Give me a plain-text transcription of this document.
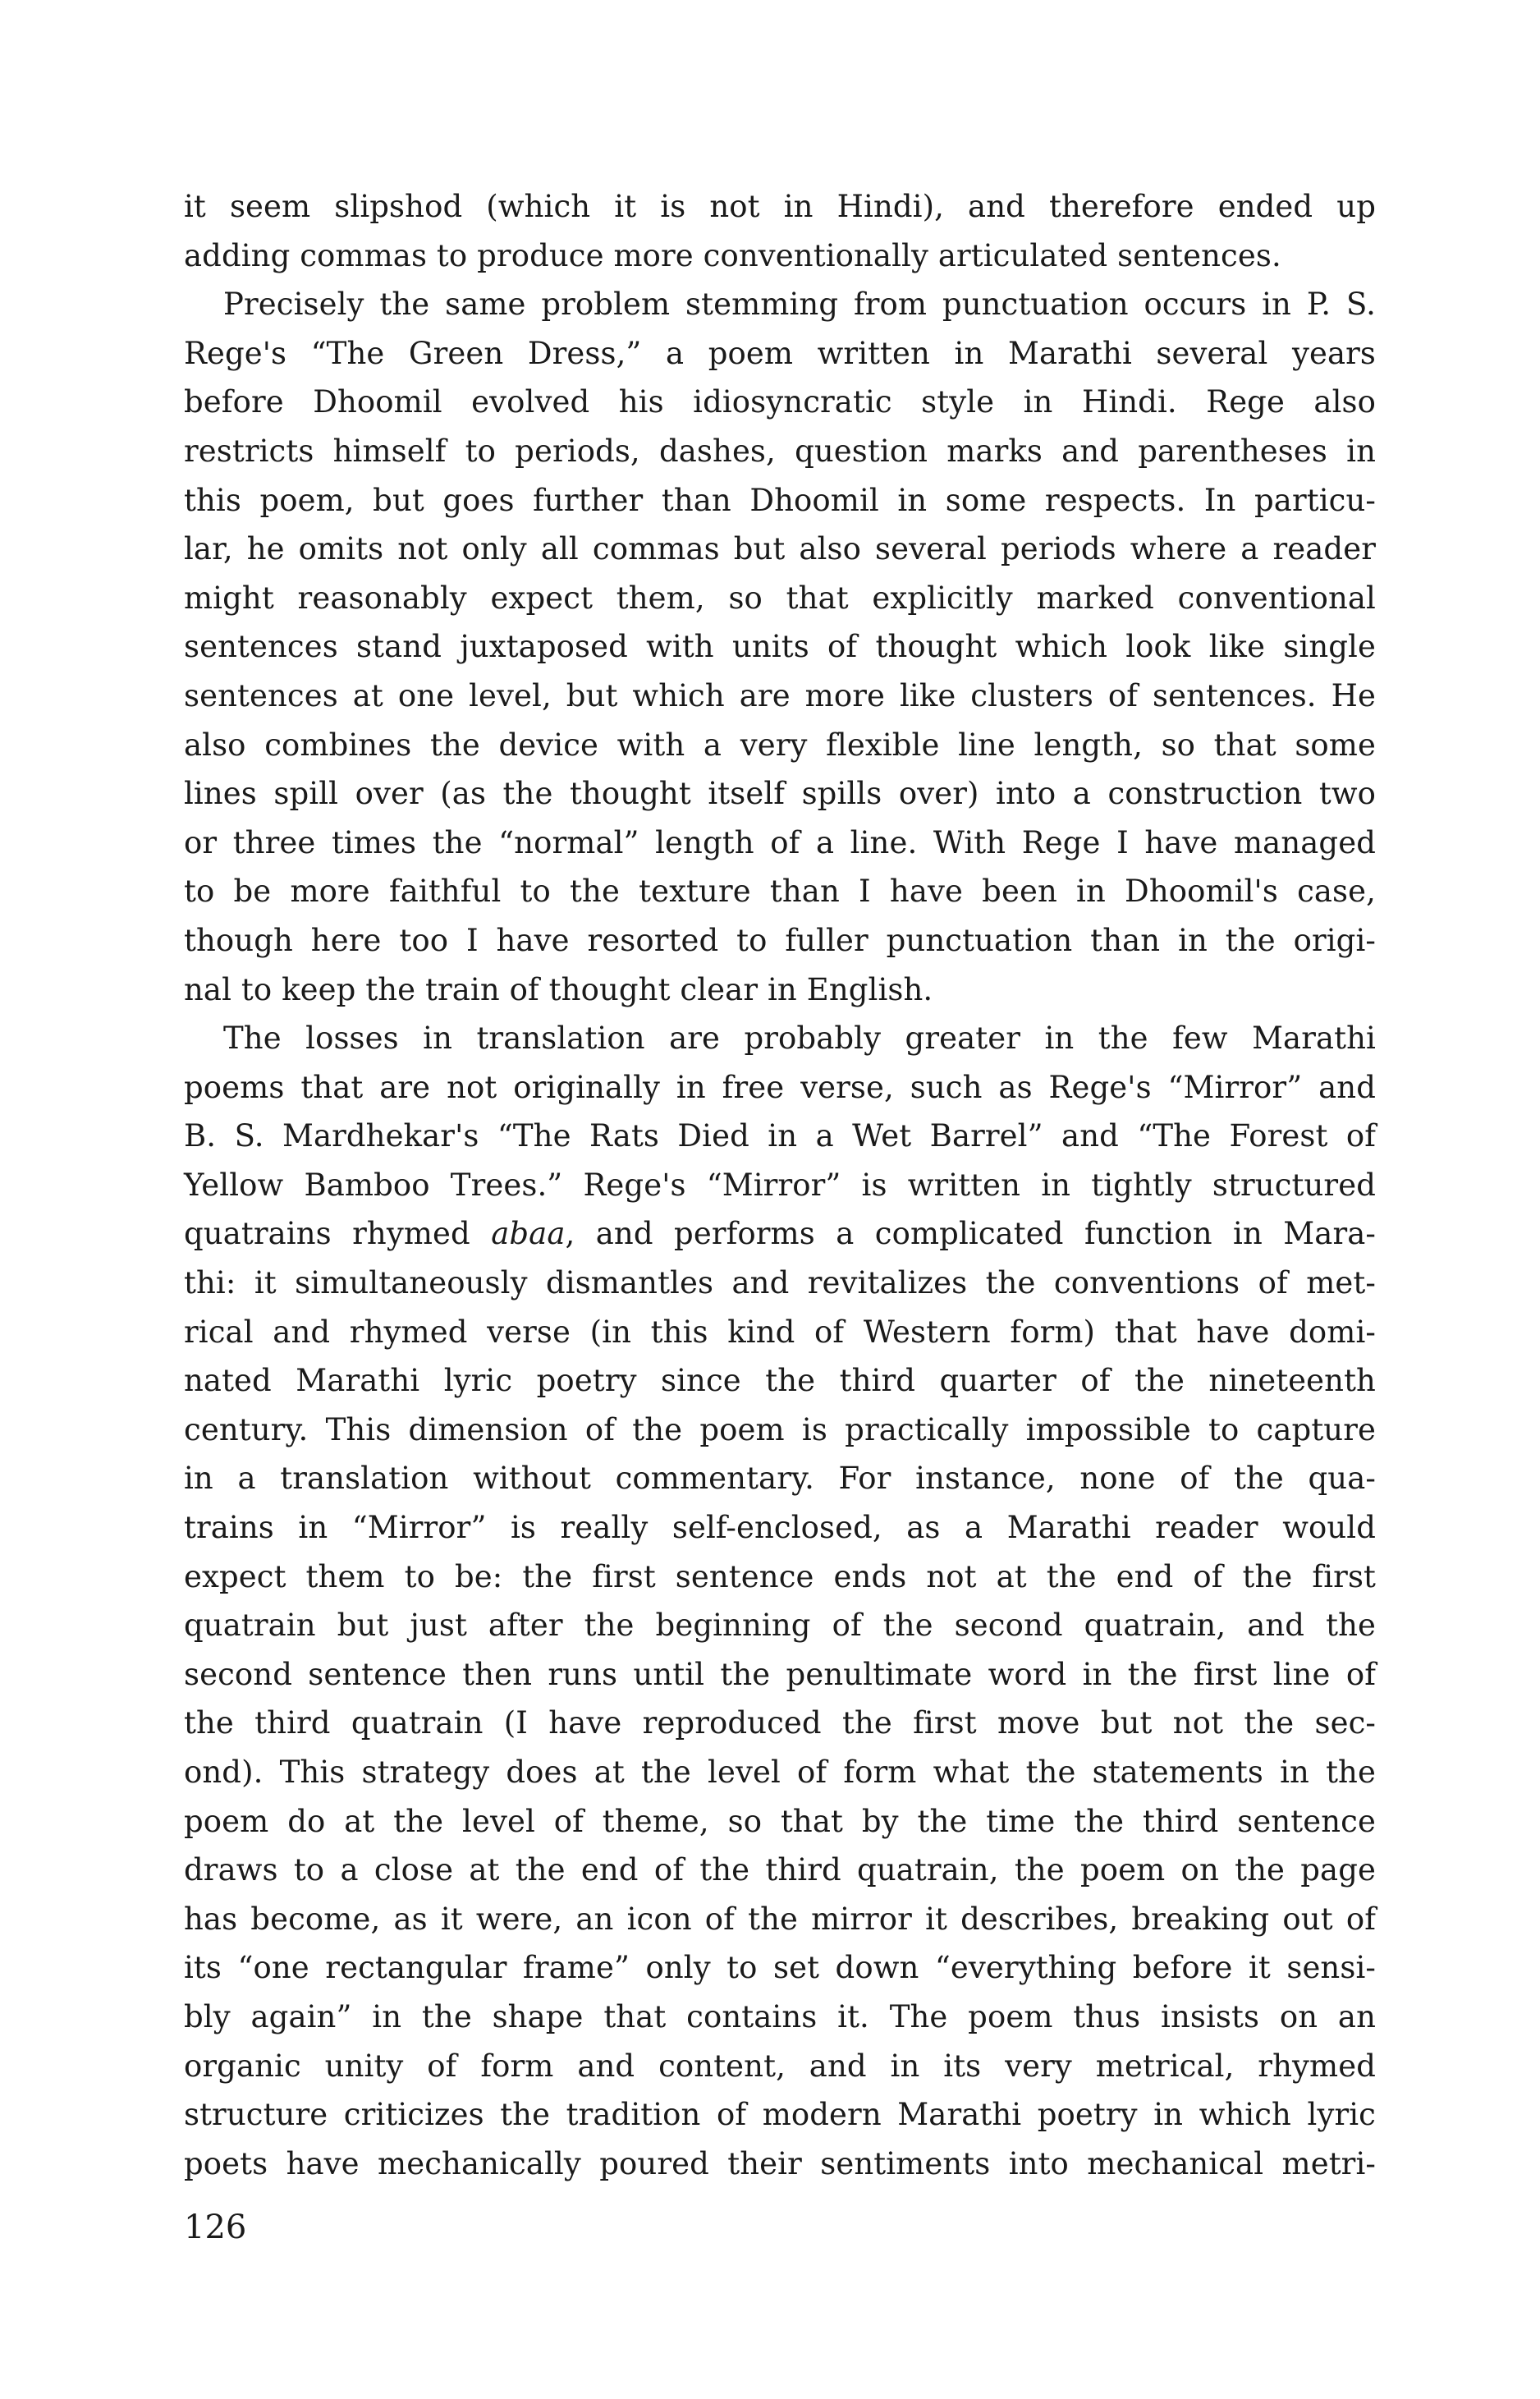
it seem slipshod (which it is not in Hindi), and therefore ended up
adding commas to produce more conventionally articulated sentences.
Precisely the same problem stemming from punctuation occurs in P. S.
Rege's “The Green Dress,” a poem written in Marathi several years
before Dhoomil evolved his idiosyncratic style in Hindi. Rege also
restricts himself to periods, dashes, question marks and parentheses in
this poem, but goes further than Dhoomil in some respects. In particu-
lar, he omits not only all commas but also several periods where a reader
might reasonably expect them, so that explicitly marked conventional
sentences stand juxtaposed with units of thought which look like single
sentences at one level, but which are more like clusters of sentences. He
also combines the device with a very flexible line length, so that some
lines spill over (as the thought itself spills over) into a construction two
or three times the “normal” length of a line. With Rege I have managed
to be more faithful to the texture than I have been in Dhoomil's case,
though here too I have resorted to fuller punctuation than in the origi-
nal to keep the train of thought clear in English.
The losses in translation are probably greater in the few Marathi
poems that are not originally in free verse, such as Rege's “Mirror” and
B. S. Mardhekar's “The Rats Died in a Wet Barrel” and “The Forest of
Yellow Bamboo Trees.” Rege's “Mirror” is written in tightly structured
quatrains rhymed abaa, and performs a complicated function in Mara-
thi: it simultaneously dismantles and revitalizes the conventions of met-
rical and rhymed verse (in this kind of Western form) that have domi-
nated Marathi lyric poetry since the third quarter of the nineteenth
century. This dimension of the poem is practically impossible to capture
in a translation without commentary. For instance, none of the qua-
trains in “Mirror” is really self-enclosed, as a Marathi reader would
expect them to be: the first sentence ends not at the end of the first
quatrain but just after the beginning of the second quatrain, and the
second sentence then runs until the penultimate word in the first line of
the third quatrain (I have reproduced the first move but not the sec-
ond). This strategy does at the level of form what the statements in the
poem do at the level of theme, so that by the time the third sentence
draws to a close at the end of the third quatrain, the poem on the page
has become, as it were, an icon of the mirror it describes, breaking out of
its “one rectangular frame” only to set down “everything before it sensi-
bly again” in the shape that contains it. The poem thus insists on an
organic unity of form and content, and in its very metrical, rhymed
structure criticizes the tradition of modern Marathi poetry in which lyric
poets have mechanically poured their sentiments into mechanical metri-
126
